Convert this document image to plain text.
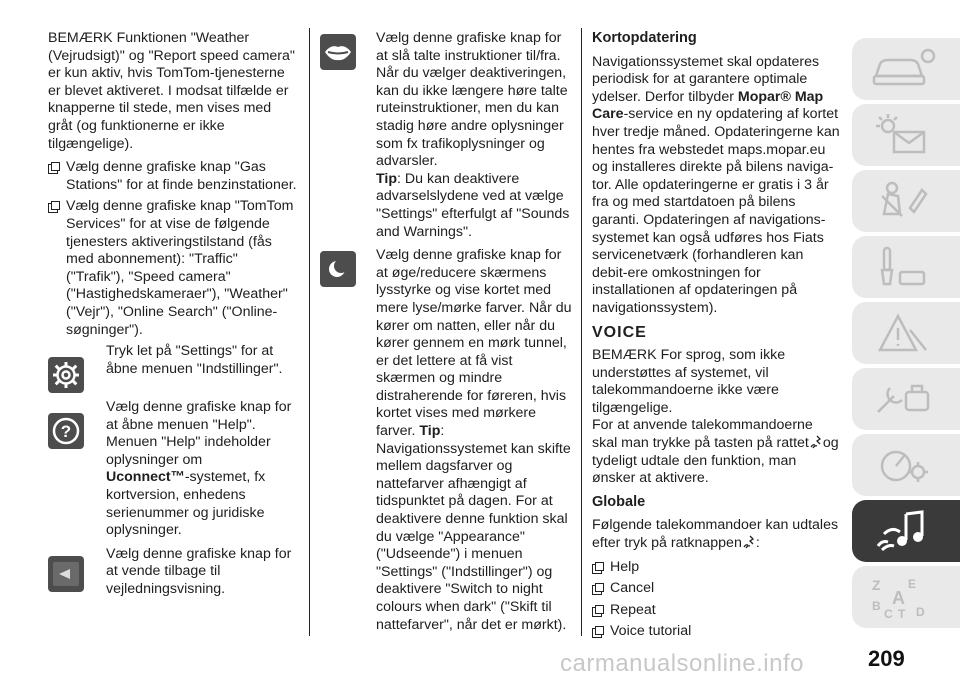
BEMÆRK Funktionen "Weather (Vejrudsigt)" og "Report speed camera" er kun aktiv, hvis TomTom-tjenesterne er blevet aktiveret. I modsat tilfælde er knapperne til stede, men vises med gråt (og funktionerne er ikke tilgængelige).

Vælg denne grafiske knap "Gas Stations" for at finde benzinstationer.
Vælg denne grafiske knap "TomTom Services" for at vise de følgende tjenesters aktiveringstilstand (fås med abonnement): "Traffic" ("Trafik"), "Speed camera" ("Hastighedskameraer"), "Weather" ("Vejr"), "Online Search" ("Online-søgninger").
Tryk let på "Settings" for at åbne menuen "Indstillinger".
?
Vælg denne grafiske knap for at åbne menuen "Help". Menuen "Help" indeholder oplysninger om
Uconnect™-systemet, fx kortversion, enhedens serienummer og juridiske oplysninger.
Vælg denne grafiske knap for at vende tilbage til vejledningsvisning.
Vælg denne grafiske knap for at slå talte instruktioner til/fra. Når du vælger deaktiveringen, kan du ikke længere høre talte ruteinstruktioner, men du kan stadig høre andre oplysninger som fx trafikoplysninger og advarsler.
Tip: Du kan deaktivere advarselslydene ved at vælge "Settings" efterfulgt af "Sounds and Warnings".
Vælg denne grafiske knap for at øge/reducere skærmens lysstyrke og vise kortet med mere lyse/mørke farver. Når du kører om natten, eller når du kører gennem en mørk tunnel, er det lettere at få vist skærmen og mindre distraherende for føreren, hvis kortet vises med mørkere farver. Tip: Navigationssystemet kan skifte mellem dagsfarver og nattefarver afhængigt af tidspunktet på dagen. For at deaktivere denne funktion skal du vælge "Appearance" ("Udseende") i menuen "Settings" ("Indstillinger") og deaktivere "Switch to night colours when dark" ("Skift til nattefarver", når det er mørkt).
Kortopdatering

Navigationssystemet skal opdateres periodisk for at garantere optimale ydelser. Derfor tilbyder Mopar® Map Care-service en ny opdatering af kortet hver tredje måned. Opdateringerne kan hentes fra webstedet maps.mopar.eu og installeres direkte på bilens naviga-tor. Alle opdateringerne er gratis i 3 år fra og med startdatoen på bilens garanti. Opdateringen af navigations-systemet kan også udføres hos Fiats servicenetværk (forhandleren kan debit-ere omkostningen for installationen af opdateringen på navigationssystem).

VOICE

BEMÆRK For sprog, som ikke understøttes af systemet, vil talekommandoerne ikke være tilgængelige.

For at anvende talekommandoerne skal man trykke på tasten på rattet og tydeligt udtale den funktion, man ønsker at aktivere.

Globale

Følgende talekommandoer kan udtales efter tryk på ratknappen :

Help
Cancel
Repeat
Voice tutorial
Z E
A
B
C T D
carmanualsonline.info	209
